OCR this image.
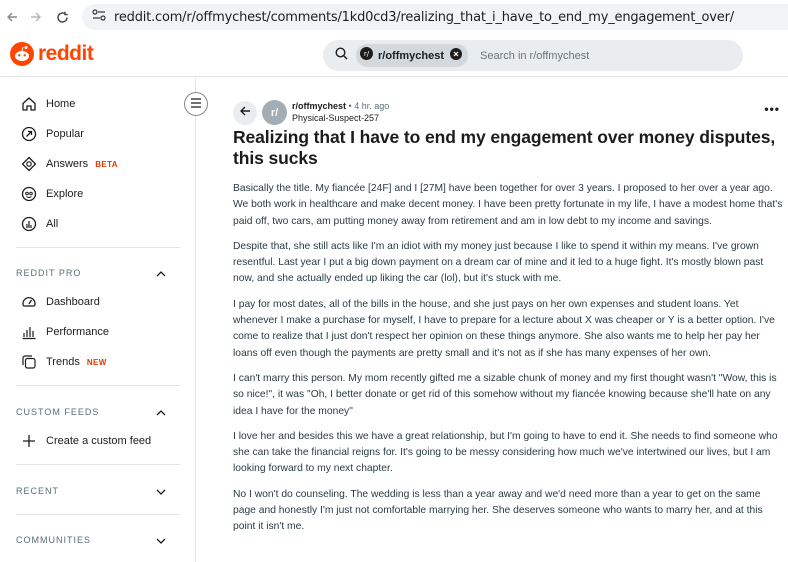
reddit.com/r/offmychest/comments/1kd0cd3/realizing_that_i_have_to_end_my_engagement_over/
reddit	r/ r/offmychest	Search in r/offmychest
Home
Popular
Answers BETA
Explore
All
REDDIT PRO
Dashboard
Performance
Trends NEW
CUSTOM FEEDS
Create a custom feed
RECENT
COMMUNITIES
r/
r/offmychest • 4 hr. ago
Physical-Suspect-257
•••
Realizing that I have to end my engagement over money disputes, this sucks

Basically the title. My fiancée [24F] and I [27M] have been together for over 3 years. I proposed to her over a year ago. We both work in healthcare and make decent money. I have been pretty fortunate in my life, I have a modest home that's paid off, two cars, am putting money away from retirement and am in low debt to my income and savings.

Despite that, she still acts like I'm an idiot with my money just because I like to spend it within my means. I've grown resentful. Last year I put a big down payment on a dream car of mine and it led to a huge fight. It's mostly blown past now, and she actually ended up liking the car (lol), but it's stuck with me.

I pay for most dates, all of the bills in the house, and she just pays on her own expenses and student loans. Yet whenever I make a purchase for myself, I have to prepare for a lecture about X was cheaper or Y is a better option. I've come to realize that I just don't respect her opinion on these things anymore. She also wants me to help her pay her loans off even though the payments are pretty small and it's not as if she has many expenses of her own.

I can't marry this person. My mom recently gifted me a sizable chunk of money and my first thought wasn't "Wow, this is so nice!", it was "Oh, I better donate or get rid of this somehow without my fiancée knowing because she'll hate on any idea I have for the money"

I love her and besides this we have a great relationship, but I'm going to have to end it. She needs to find someone who she can take the financial reigns for. It's going to be messy considering how much we've intertwined our lives, but I am looking forward to my next chapter.

No I won't do counseling. The wedding is less than a year away and we'd need more than a year to get on the same page and honestly I'm just not comfortable marrying her. She deserves someone who wants to marry her, and at this point it isn't me.
